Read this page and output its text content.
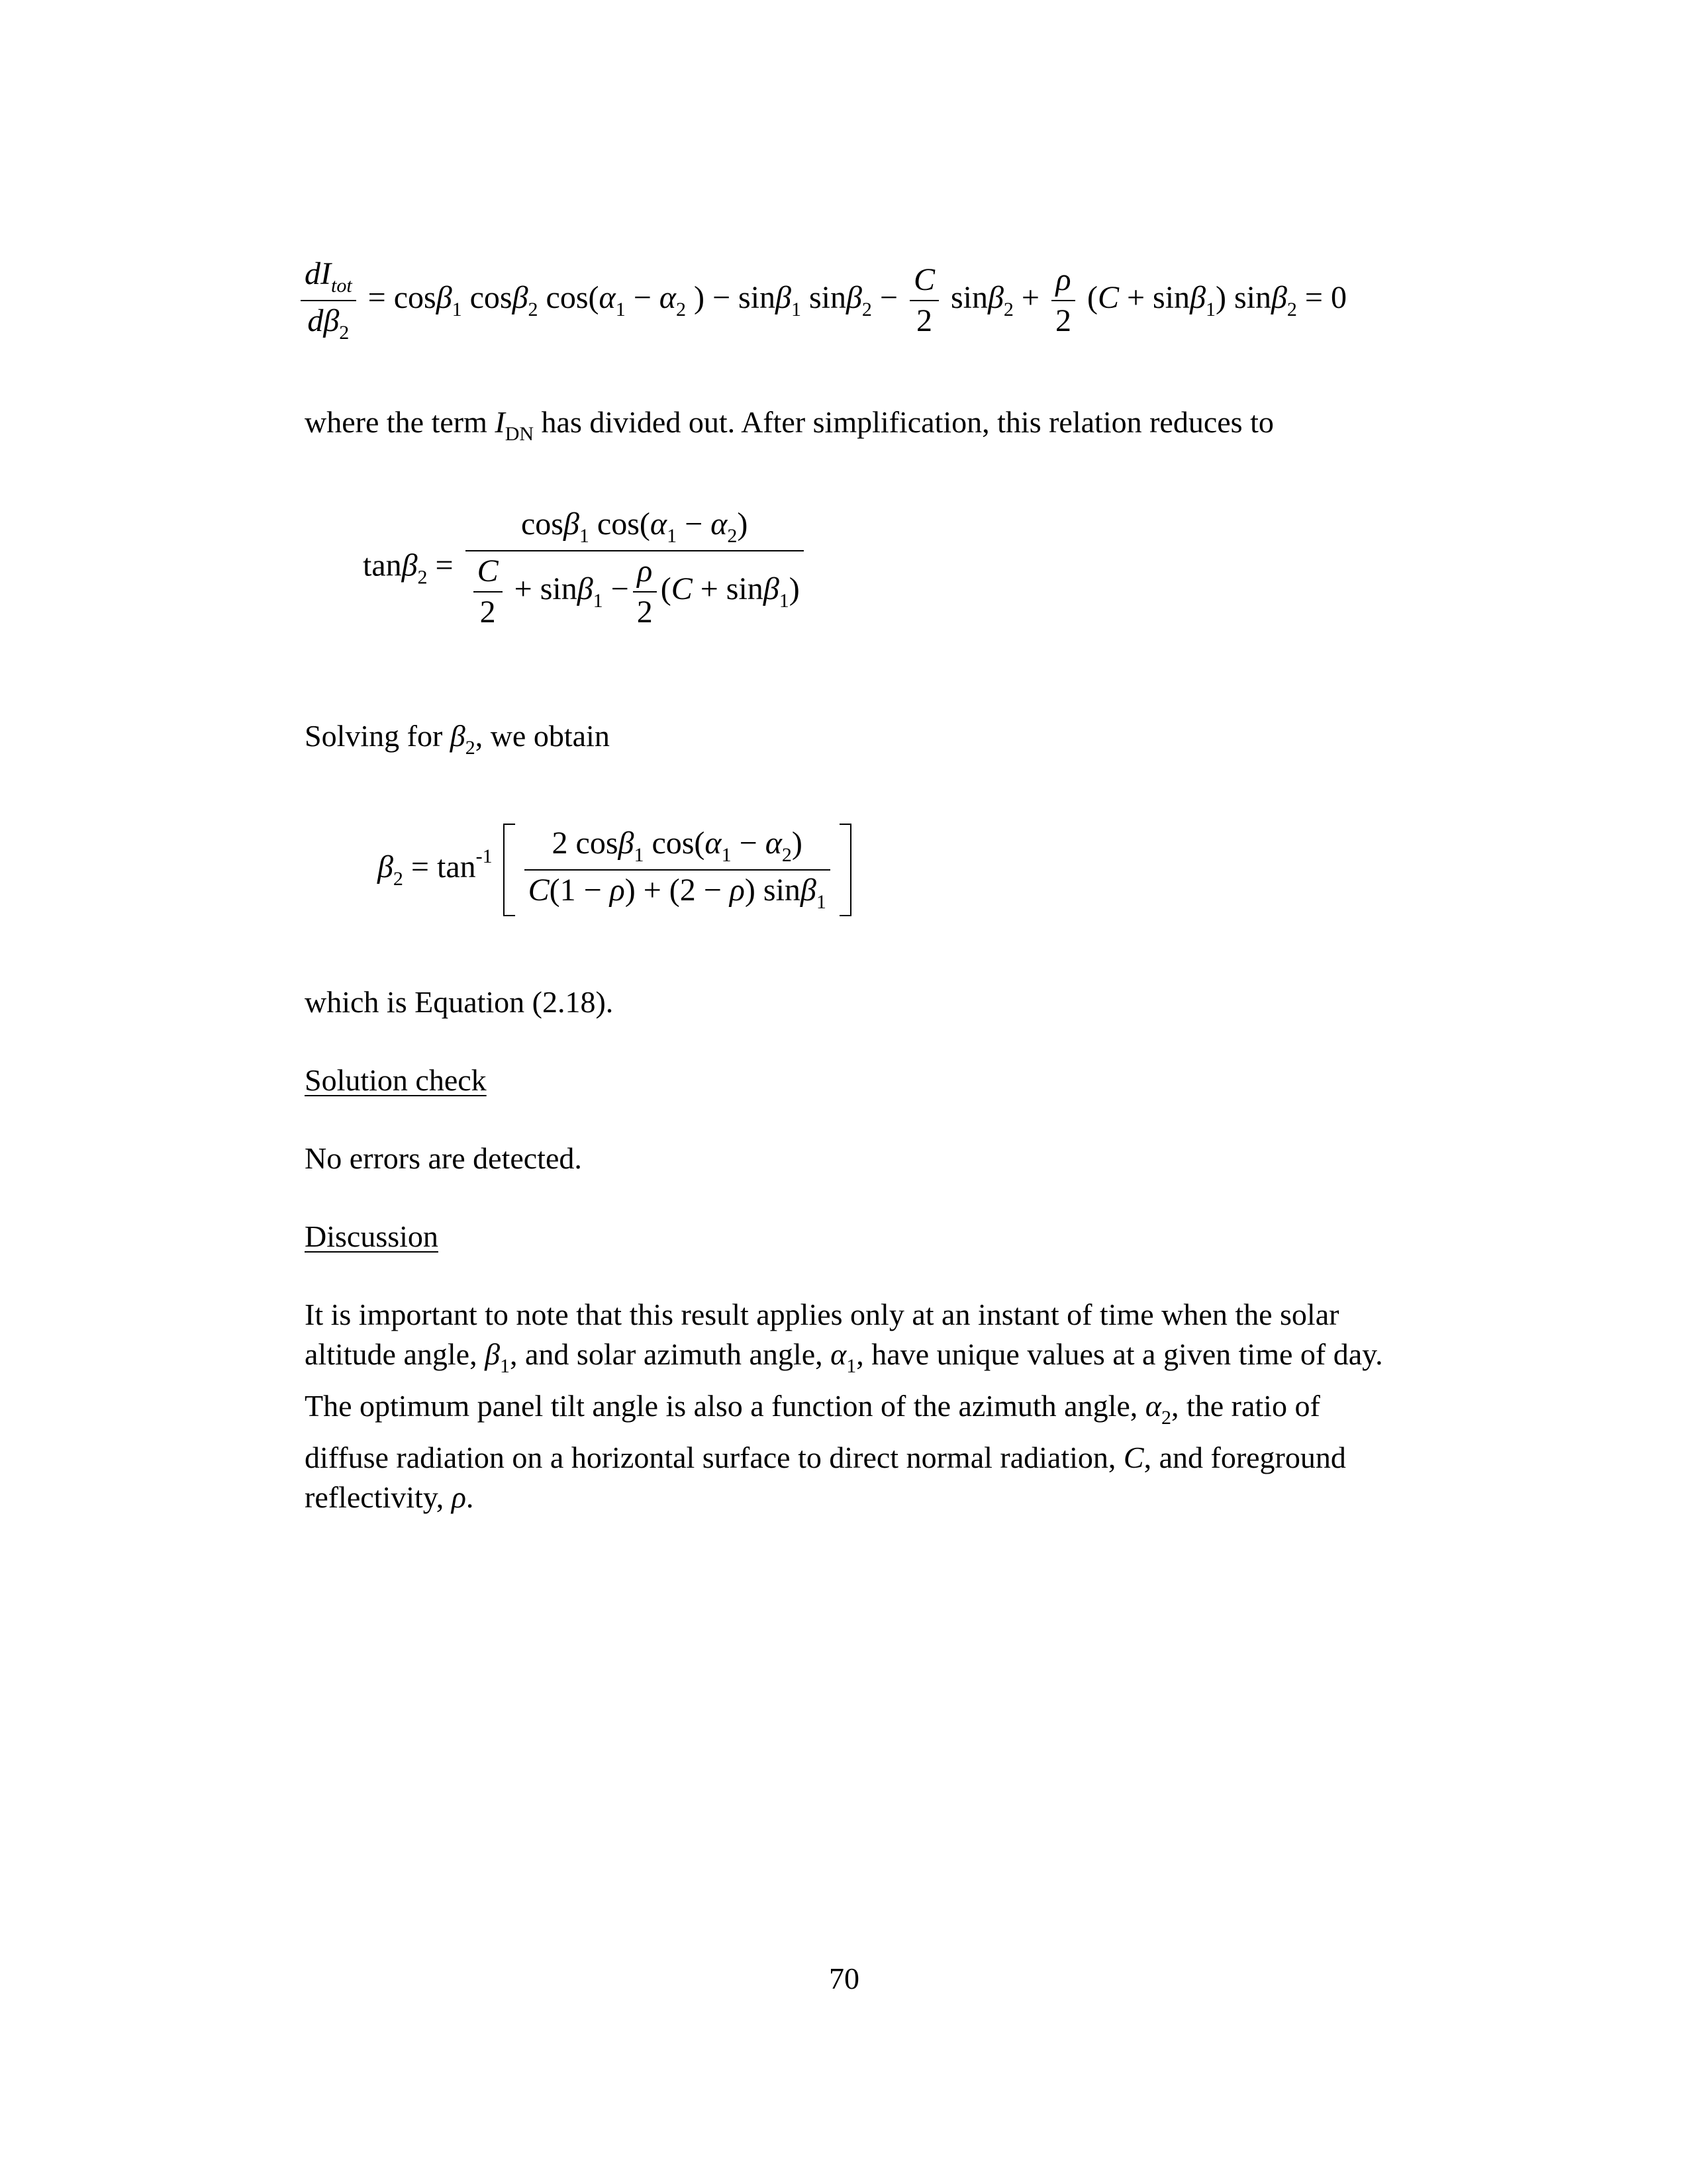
$\frac{dI_{tot}}{d\beta_2} = \cos\beta_1$ cosβ$_2$ $\cos(\alpha_1 - \alpha_2$ ) − sinβ$_1$ $\sin\beta_2 - \frac{C}{2} \sin\beta_2 + \frac{\rho}{2} (C + \sin\beta_1) \sin\beta_2 = 0$
where the term $I_{DN}$ has divided out. After simplification, this relation reduces to
$\tan\beta_2 = \frac{\cos\beta_1 \cos(\alpha_1 - \alpha_2)}{\frac{C}{2} + \sin\beta_1 - \frac{\rho}{2} (C + \sin\beta_1)}$
Solving for $\beta_2$, we obtain
$\beta_2 = \tan^{-1} \frac{2 \cos\beta_1 \cos(\alpha_1 - \alpha_2)}{C(1 - \rho) + (2 - \rho) \sin\beta_1}$

which is Equation (2.18).
Solution check
No errors are detected.
Discussion
It is important to note that this result applies only at an instant of time when the solar
altitude angle, $\beta_1$, and solar azimuth angle, $\alpha_1$, have unique values at a given time of day.
The optimum panel tilt angle is also a function of the azimuth angle, $\alpha_2$, the ratio of
diffuse radiation on a horizontal surface to direct normal radiation, C, and foreground
reflectivity, ρ.
70
